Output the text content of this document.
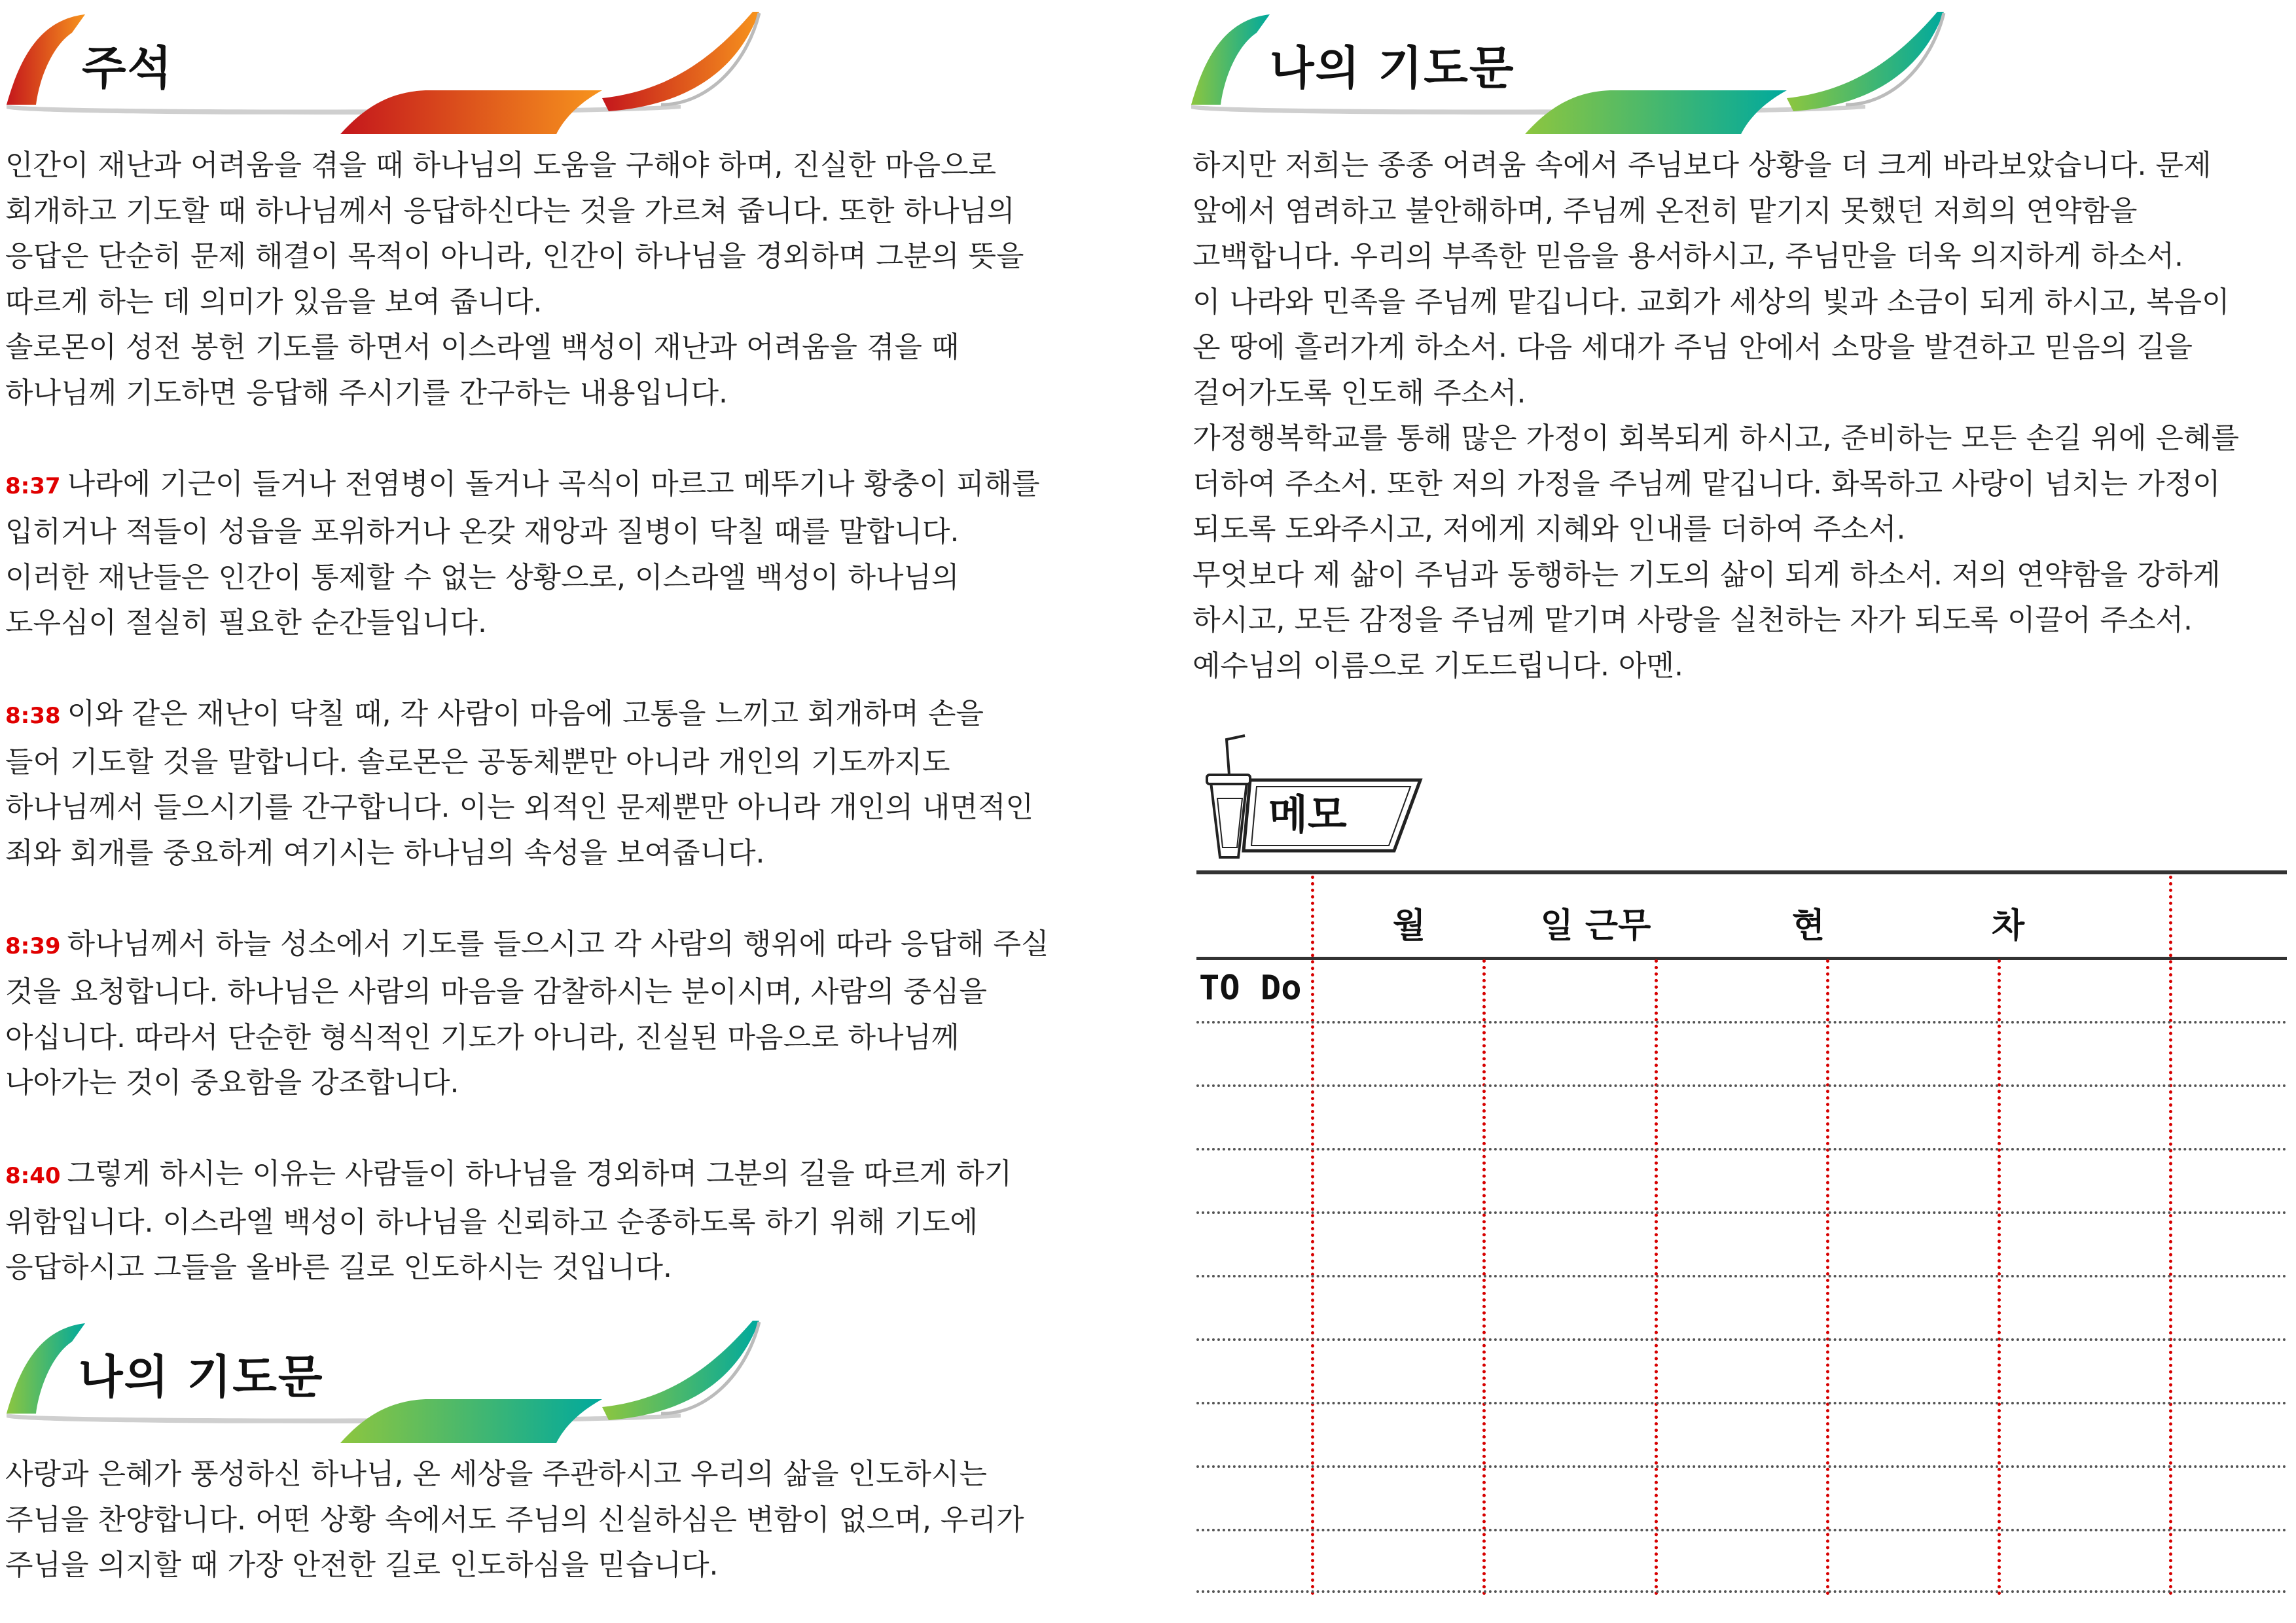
주석

인간이 재난과 어려움을 겪을 때 하나님의 도움을 구해야 하며, 진실한 마음으로

회개하고 기도할 때 하나님께서 응답하신다는 것을 가르쳐 줍니다. 또한 하나님의

응답은 단순히 문제 해결이 목적이 아니라, 인간이 하나님을 경외하며 그분의 뜻을

따르게 하는 데 의미가 있음을 보여 줍니다.

솔로몬이 성전 봉헌 기도를 하면서 이스라엘 백성이 재난과 어려움을 겪을 때

하나님께 기도하면 응답해 주시기를 간구하는 내용입니다.

8:37 나라에 기근이 들거나 전염병이 돌거나 곡식이 마르고 메뚜기나 황충이 피해를

입히거나 적들이 성읍을 포위하거나 온갖 재앙과 질병이 닥칠 때를 말합니다.

이러한 재난들은 인간이 통제할 수 없는 상황으로, 이스라엘 백성이 하나님의

도우심이 절실히 필요한 순간들입니다.

8:38 이와 같은 재난이 닥칠 때, 각 사람이 마음에 고통을 느끼고 회개하며 손을

들어 기도할 것을 말합니다. 솔로몬은 공동체뿐만 아니라 개인의 기도까지도

하나님께서 들으시기를 간구합니다. 이는 외적인 문제뿐만 아니라 개인의 내면적인

죄와 회개를 중요하게 여기시는 하나님의 속성을 보여줍니다.

8:39 하나님께서 하늘 성소에서 기도를 들으시고 각 사람의 행위에 따라 응답해 주실

것을 요청합니다. 하나님은 사람의 마음을 감찰하시는 분이시며, 사람의 중심을

아십니다. 따라서 단순한 형식적인 기도가 아니라, 진실된 마음으로 하나님께

나아가는 것이 중요함을 강조합니다.

8:40 그렇게 하시는 이유는 사람들이 하나님을 경외하며 그분의 길을 따르게 하기

위함입니다. 이스라엘 백성이 하나님을 신뢰하고 순종하도록 하기 위해 기도에

응답하시고 그들을 올바른 길로 인도하시는 것입니다.

나의 기도문

사랑과 은혜가 풍성하신 하나님, 온 세상을 주관하시고 우리의 삶을 인도하시는

주님을 찬양합니다. 어떤 상황 속에서도 주님의 신실하심은 변함이 없으며, 우리가

주님을 의지할 때 가장 안전한 길로 인도하심을 믿습니다.

나의 기도문

하지만 저희는 종종 어려움 속에서 주님보다 상황을 더 크게 바라보았습니다. 문제

앞에서 염려하고 불안해하며, 주님께 온전히 맡기지 못했던 저희의 연약함을

고백합니다. 우리의 부족한 믿음을 용서하시고, 주님만을 더욱 의지하게 하소서.

이 나라와 민족을 주님께 맡깁니다. 교회가 세상의 빛과 소금이 되게 하시고, 복음이

온 땅에 흘러가게 하소서. 다음 세대가 주님 안에서 소망을 발견하고 믿음의 길을

걸어가도록 인도해 주소서.

가정행복학교를 통해 많은 가정이 회복되게 하시고, 준비하는 모든 손길 위에 은혜를

더하여 주소서. 또한 저의 가정을 주님께 맡깁니다. 화목하고 사랑이 넘치는 가정이

되도록 도와주시고, 저에게 지혜와 인내를 더하여 주소서.

무엇보다 제 삶이 주님과 동행하는 기도의 삶이 되게 하소서. 저의 연약함을 강하게

하시고, 모든 감정을 주님께 맡기며 사랑을 실천하는 자가 되도록 이끌어 주소서.

예수님의 이름으로 기도드립니다. 아멘.

메모
월	일 근무	현	차
TO Do
